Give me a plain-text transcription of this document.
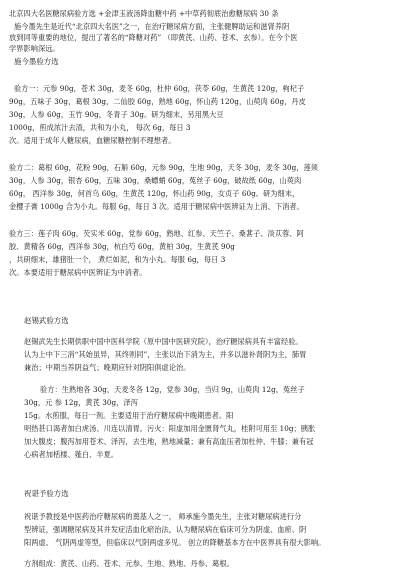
北京四大名医糖尿病验方选 +金津玉液汤降血糖中药 +中草药彻底治愈糖尿病 30 条
施今墨先生是近代“北京四大名医”之一，在治疗糖尿病方面，主张健脾助运和滋肾养阴
放到同等重要的地位，提出了著名的“降糖对药” （即黄芪、山药、苍术、玄参）。在今个医
学界影响深远。
施今墨验方选
验方一：元参 90g，苍术 30g，麦冬 60g，杜仲 60g，茯苓 60g，生黄芪 120g，枸杞子
90g，五味子 30g，葛根 30g，二仙胶 60g，熟地 60g，怀山药 120g，山萸肉 60g，丹皮
30g，人参 60g，玉竹 90g，冬青子 30g。研为细末，另用黑大豆
1000g，煎成浓汁去渣，共和为小丸， 每次 6g，每日 3
次。适用于成年人糖尿病，血糖尿糖控制不理想者。
验方二：葛根 60g，花粉 90g，石斛 60g，元参 90g，生地 90g，天冬 30g，麦冬 30g，莲须
30g，人参 30g，银杏 60g，五味 30g，桑螵蛸 60g，菟丝子 60g，破故纸 60g，山萸肉
60g， 西洋参 30g，何首乌 60g，生黄芪 120g，怀山药 90g，女贞子 60g。研为细末，
金樱子膏 1000g 合为小丸。每服 6g，每日 3 次。适用于糖尿病中医辨证为上消、下消者。
验方三：莲子肉 60g，芡实米 60g，党参 60g，熟地、红参、天竺子、桑葚子、淡苁蓉、阿
胶、黄精各 60g，西洋参 30g，杭白芍 60g，黄柏 30g，生黄芪 90g
，共研细末，雄猪肚一个， 煮烂如泥，和为小丸。每服 6g，每日 3
次。本要适用于糖尿病中医辨证为中消者。
赵锡武验方选
赵锡武先生长期供职中国中医科学院（原中国中医研究院），治疗糖尿病具有丰富经验。
认为上中下三消“其始虽异，其终则同”，主张以治下消为主，并多以滋补肾阴为主，肺胃
兼治；中期当养阴益气；晚期应针对阴阳俱虚论治。
验方：生熟地各 30g，天麦冬各 12g，党参 30g，当归 9g，山萸肉 12g，菟丝子
30g，元 参 12g，黄芪 30g，泽泻
15g。水煎服，每日一剂。主要适用于治疗糖尿病中晚期患者。阳
明热甚口渴者加白虎汤、川连以清胃。污火：阳虚加用金匮肾气丸，桂附可用至 10g；胰胀
加大腹皮；腹泻加用苍术、泽泻，去生地，熟地减量；兼有高血压者加杜仲、牛膝；兼有冠
心病者加栝楼、薤白、半夏。
祝谌予验方选
祝谌予教授是中医药治疗糖尿病的奠基人之一， 师承施今墨先生，主张对糖尿病进行分
型辨证，强调糖尿病及其并发症活血化瘀治法，认为糖尿病在临床可分为阴虚、血瘀、阴
阳两虚、 气阴两虚等型，但临床以气阴两虚多见。 创立的降糖基本方在中医界具有很大影响。
方剂组成：黄芪、山药、苍术、元参、生地、熟地、丹参、葛根。
